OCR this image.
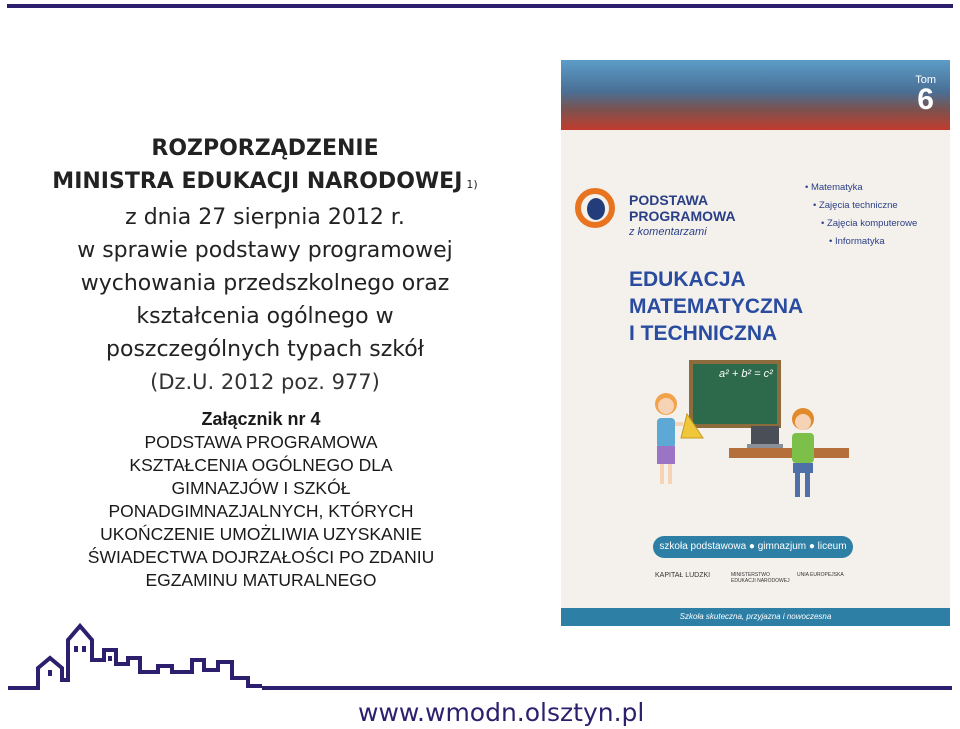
ROZPORZĄDZENIE
MINISTRA EDUKACJI NARODOWEJ 1)
z dnia 27 sierpnia 2012 r.
w sprawie podstawy programowej
wychowania przedszkolnego oraz
kształcenia ogólnego w
poszczególnych typach szkół
(Dz.U. 2012 poz. 977)
Załącznik nr 4
PODSTAWA PROGRAMOWA
KSZTAŁCENIA OGÓLNEGO DLA
GIMNAZJÓW I SZKÓŁ
PONADGIMNAZJALNYCH, KTÓRYCH
UKOŃCZENIE UMOŻLIWIA UZYSKANIE
ŚWIADECTWA DOJRZAŁOŚCI PO ZDANIU
EGZAMINU MATURALNEGO
Tom
6
PODSTAWA
PROGRAMOWA
z komentarzami
• Matematyka
• Zajęcia techniczne
• Zajęcia komputerowe
• Informatyka
EDUKACJA
MATEMATYCZNA
I TECHNICZNA
a² + b² = c²
szkoła podstawowa ● gimnazjum ● liceum
KAPITAŁ LUDZKI	MINISTERSTWO EDUKACJI NARODOWEJ
UNIA EUROPEJSKA
Szkoła skuteczna, przyjazna i nowoczesna
www.wmodn.olsztyn.pl
